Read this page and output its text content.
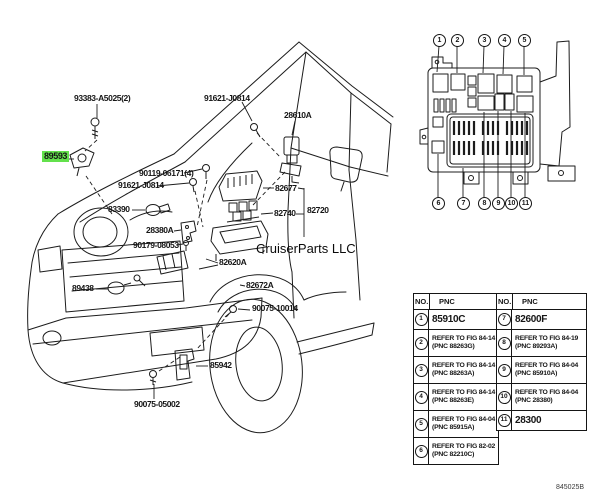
93383-A5025(2)	91621-J0814
28610A
89593
90119-06171(4)
91621-J0814	82677
83390	82740 82720
28380A
90179-08053
82620A
89438	82672A
90075-10014
85942
90075-05002
1	2	3	4	5
6	7	8	9	10 11
CruiserParts LLC
NO.	PNC
1 85910C
2
REFER TO FIG 84-14
(PNC 88263G)
3
REFER TO FIG 84-14
(PNC 88263A)
4
REFER TO FIG 84-14
(PNC 88263E)
5
REFER TO FIG 84-04
(PNC 85915A)
6
REFER TO FIG 82-02
(PNC 82210C)
NO.	PNC
7 82600F
8
REFER TO FIG 84-19
(PNC 89293A)
9
REFER TO FIG 84-04
(PNC 85910A)
10
REFER TO FIG 84-04
(PNC 28380)
11 28300
845025B
